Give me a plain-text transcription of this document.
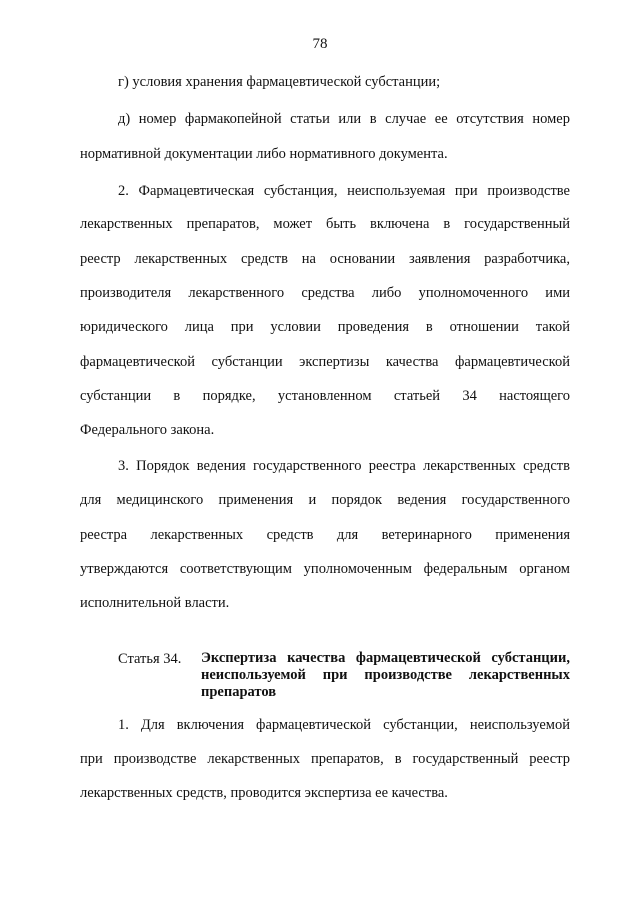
78
г) условия хранения фармацевтической субстанции;
д) номер фармакопейной статьи или в случае ее отсутствия номер
нормативной документации либо нормативного документа.
2. Фармацевтическая субстанция, неиспользуемая при производстве
лекарственных препаратов, может быть включена в государственный
реестр лекарственных средств на основании заявления разработчика,
производителя лекарственного средства либо уполномоченного ими
юридического лица при условии проведения в отношении такой
фармацевтической субстанции экспертизы качества фармацевтической
субстанции в порядке, установленном статьей 34 настоящего
Федерального закона.
3. Порядок ведения государственного реестра лекарственных средств
для медицинского применения и порядок ведения государственного
реестра лекарственных средств для ветеринарного применения
утверждаются соответствующим уполномоченным федеральным органом
исполнительной власти.
Статья 34. Экспертиза качества фармацевтической субстанции,
неиспользуемой при производстве лекарственных
препаратов
1. Для включения фармацевтической субстанции, неиспользуемой
при производстве лекарственных препаратов, в государственный реестр
лекарственных средств, проводится экспертиза ее качества.
